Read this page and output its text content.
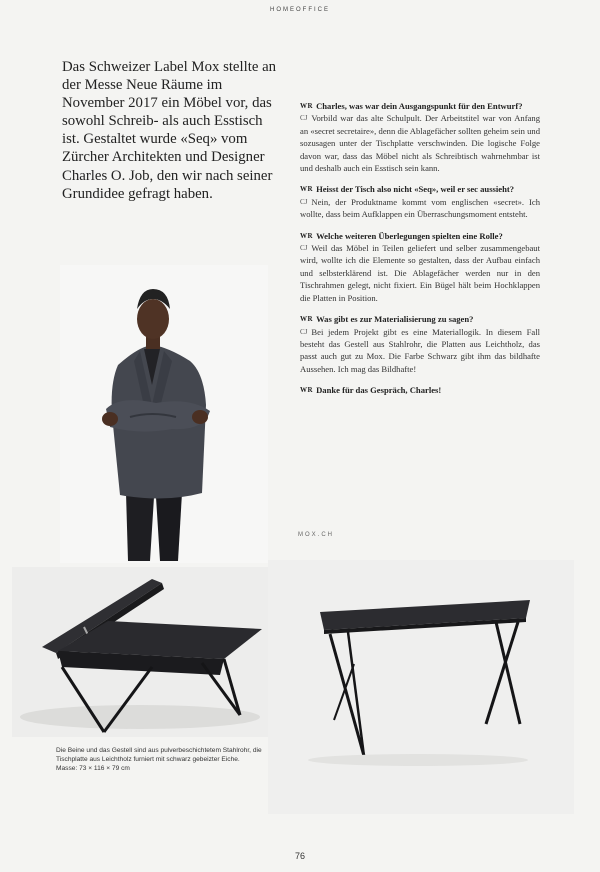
HOMEOFFICE
Das Schweizer Label Mox stellte an der Messe Neue Räume im November 2017 ein Möbel vor, das sowohl Schreib- als auch Esstisch ist. Gestaltet wurde «Seq» vom Zürcher Architekten und Designer Charles O. Job, den wir nach seiner Grundidee gefragt haben.
WR Charles, was war dein Ausgangspunkt für den Entwurf?
CJ Vorbild war das alte Schulpult. Der Arbeitstitel war von Anfang an «secret secretaire», denn die Ablagefächer sollten geheim sein und sozusagen unter der Tischplatte verschwinden. Die logische Folge davon war, dass das Möbel nicht als Schreibtisch wahrnehmbar ist und deshalb auch ein Esstisch sein kann.
WR Heisst der Tisch also nicht «Seq», weil er sec aussieht?
CJ Nein, der Produktname kommt vom englischen «secret». Ich wollte, dass beim Aufklappen ein Überraschungsmoment entsteht.
WR Welche weiteren Überlegungen spielten eine Rolle?
CJ Weil das Möbel in Teilen geliefert und selber zusammengebaut wird, wollte ich die Elemente so gestalten, dass der Aufbau einfach und selbsterklärend ist. Die Ablagefächer werden nur in den Tischrahmen gelegt, nicht fixiert. Ein Bügel hält beim Hochklappen die Platten in Position.
WR Was gibt es zur Materialisierung zu sagen?
CJ Bei jedem Projekt gibt es eine Materiallogik. In diesem Fall besteht das Gestell aus Stahlrohr, die Platten aus Leichtholz, das passt auch gut zu Mox. Die Farbe Schwarz gibt ihm das bildhafte Aussehen. Ich mag das Bildhafte!
WR Danke für das Gespräch, Charles!
MOX.CH
Die Beine und das Gestell sind aus pulverbeschichtetem Stahlrohr, die Tischplatte aus Leichtholz furniert mit schwarz gebeizter Eiche.
Masse: 73 × 116 × 79 cm
76
